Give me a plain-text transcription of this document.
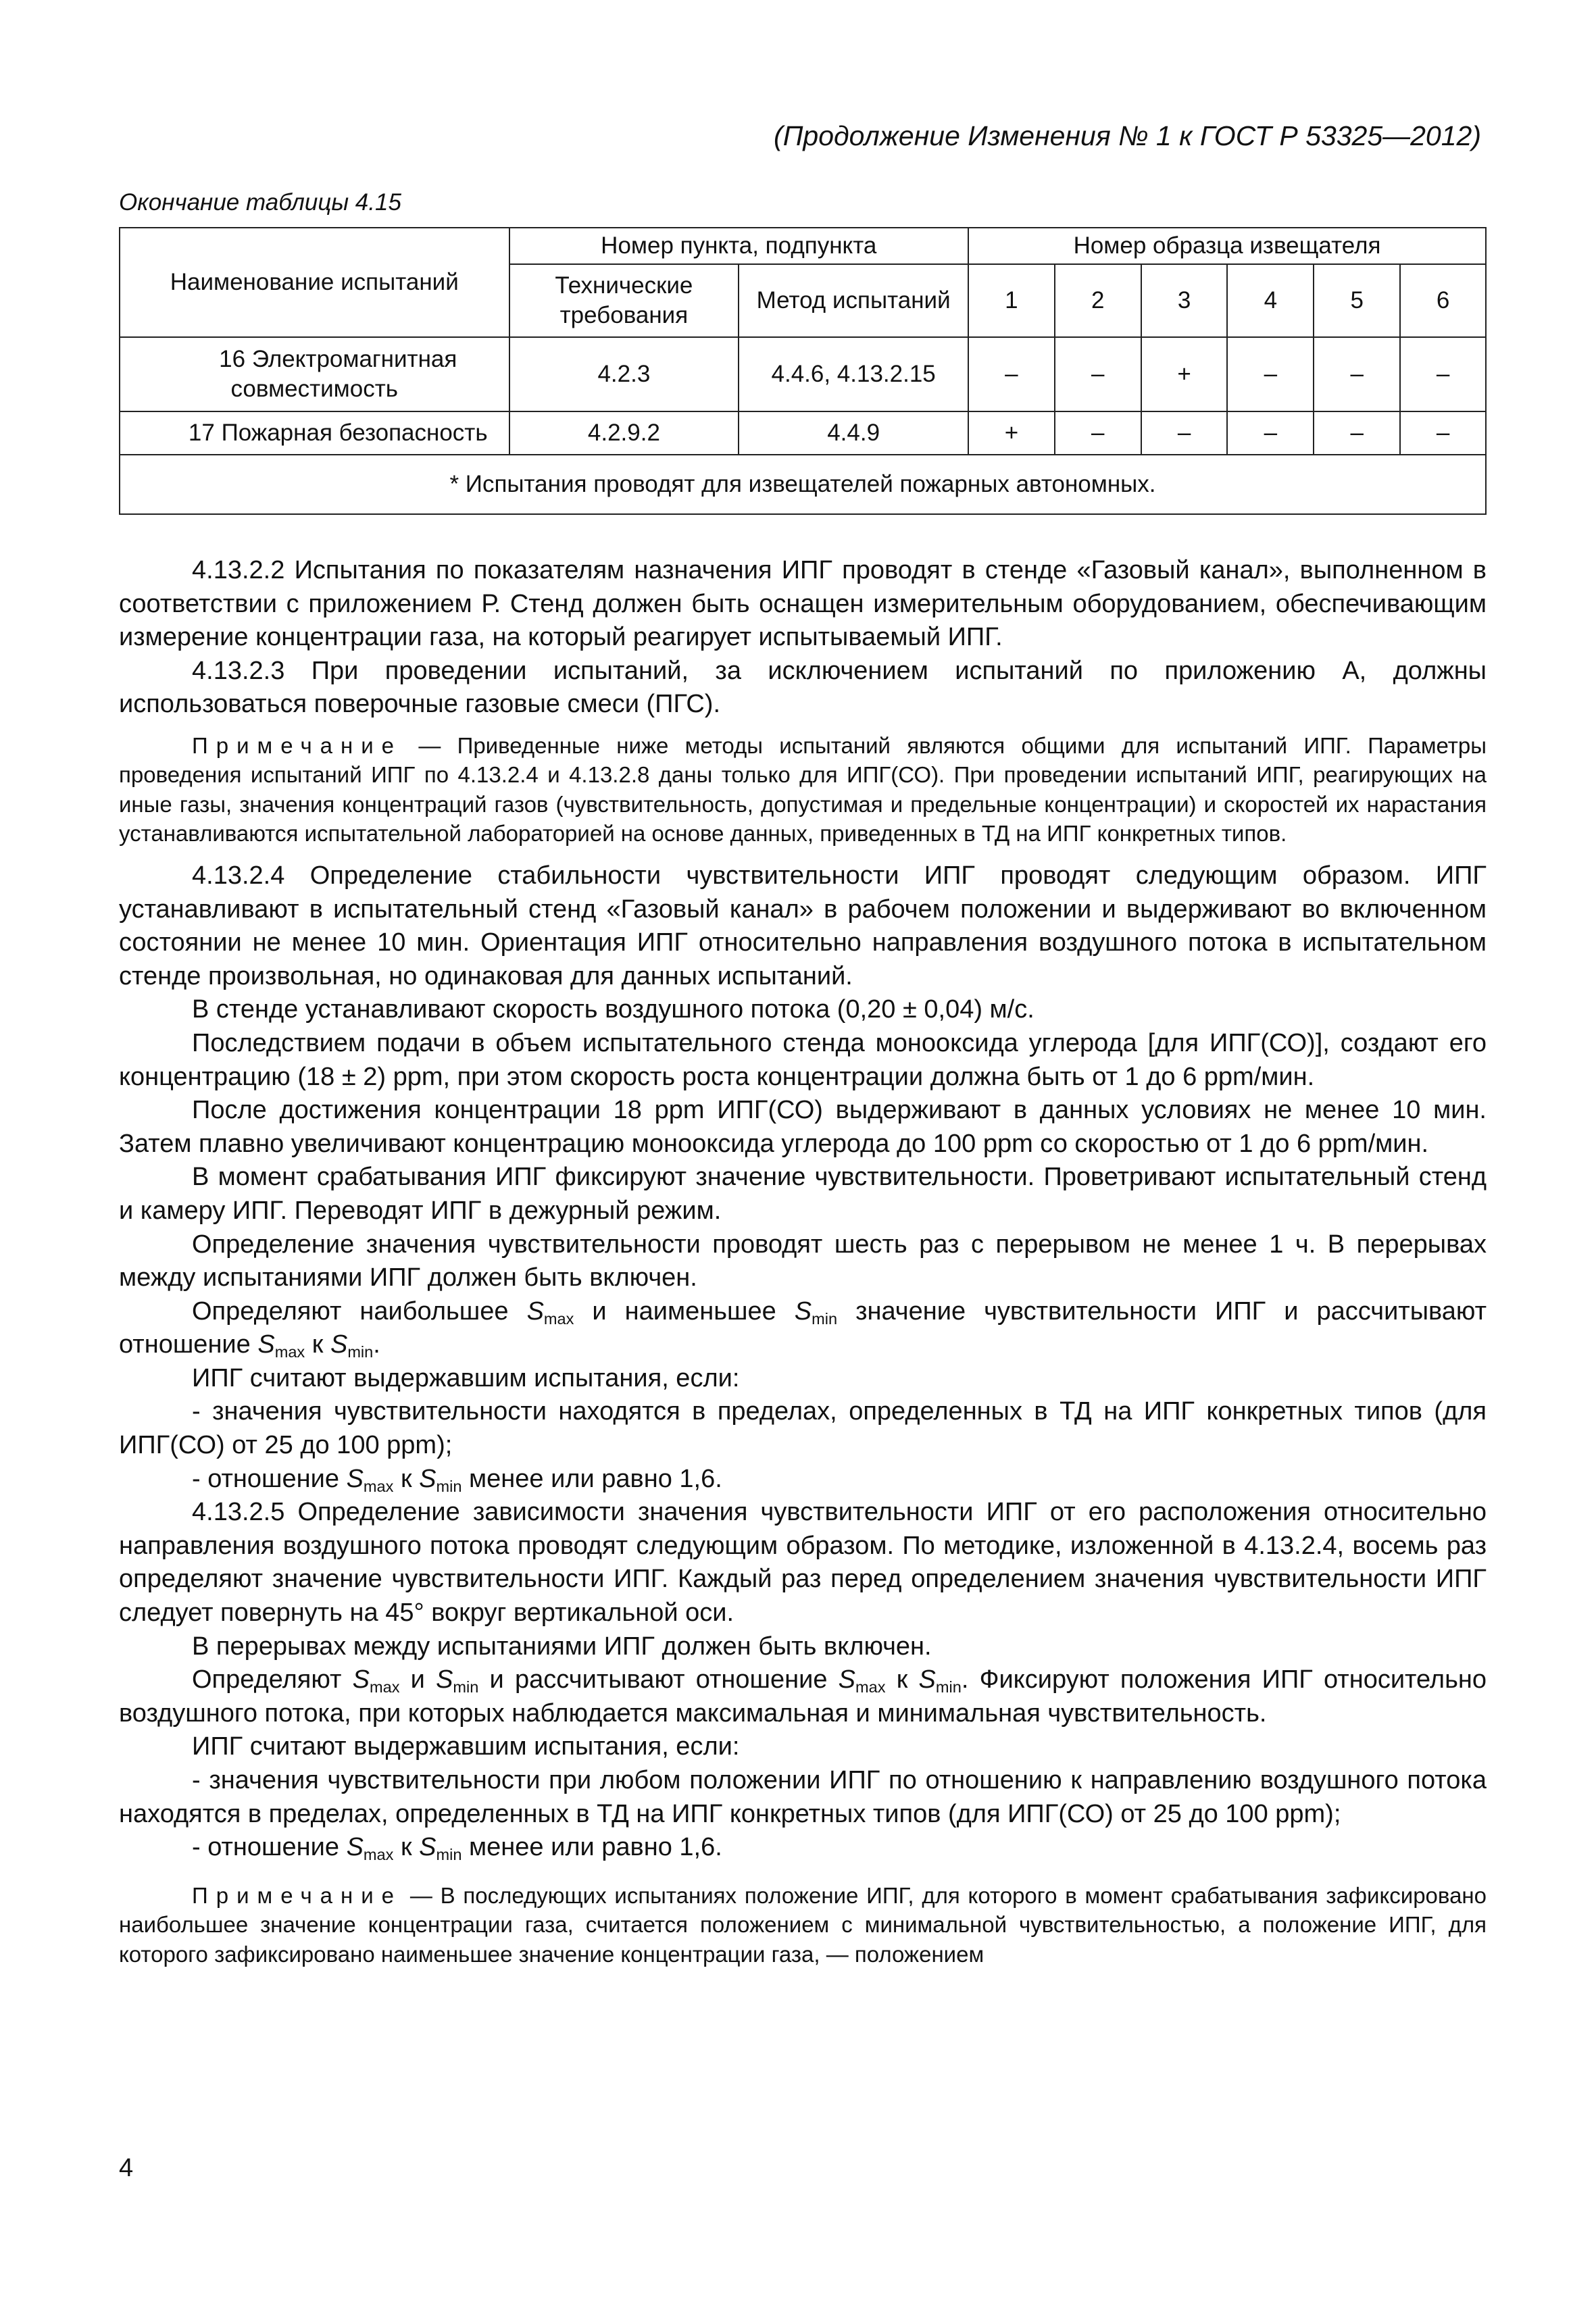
(Продолжение Изменения № 1 к ГОСТ Р 53325—2012)
Окончание таблицы 4.15
Наименование испытаний	Номер пункта, подпункта		Номер образца извещателя					
	Технические требования	Метод испытаний	1	2	3	4	5	6
16 Электромагнитная совместимость	4.2.3	4.4.6, 4.13.2.15	–	–	+	–	–	–
17 Пожарная безопасность	4.2.9.2	4.4.9	+	–	–	–	–	–
* Испытания проводят для извещателей пожарных автономных.								

4.13.2.2 Испытания по показателям назначения ИПГ проводят в стенде «Газовый канал», выполненном в соответствии с приложением Р. Стенд должен быть оснащен измерительным оборудованием, обеспечивающим измерение концентрации газа, на который реагирует испытываемый ИПГ.

4.13.2.3 При проведении испытаний, за исключением испытаний по приложению А, должны использоваться поверочные газовые смеси (ПГС).

Примечание — Приведенные ниже методы испытаний являются общими для испытаний ИПГ. Параметры проведения испытаний ИПГ по 4.13.2.4 и 4.13.2.8 даны только для ИПГ(СО). При проведении испытаний ИПГ, реагирующих на иные газы, значения концентраций газов (чувствительность, допустимая и предельные концентрации) и скоростей их нарастания устанавливаются испытательной лабораторией на основе данных, приведенных в ТД на ИПГ конкретных типов.

4.13.2.4 Определение стабильности чувствительности ИПГ проводят следующим образом. ИПГ устанавливают в испытательный стенд «Газовый канал» в рабочем положении и выдерживают во включенном состоянии не менее 10 мин. Ориентация ИПГ относительно направления воздушного потока в испытательном стенде произвольная, но одинаковая для данных испытаний.

В стенде устанавливают скорость воздушного потока (0,20 ± 0,04) м/с.

Последствием подачи в объем испытательного стенда монооксида углерода [для ИПГ(СО)], создают его концентрацию (18 ± 2) ppm, при этом скорость роста концентрации должна быть от 1 до 6 ppm/мин.

После достижения концентрации 18 ppm ИПГ(СО) выдерживают в данных условиях не менее 10 мин. Затем плавно увеличивают концентрацию монооксида углерода до 100 ppm со скоростью от 1 до 6 ppm/мин.

В момент срабатывания ИПГ фиксируют значение чувствительности. Проветривают испытательный стенд и камеру ИПГ. Переводят ИПГ в дежурный режим.

Определение значения чувствительности проводят шесть раз с перерывом не менее 1 ч. В перерывах между испытаниями ИПГ должен быть включен.

Определяют наибольшее $S_{max}$ и наименьшее $S_{min}$ значение чувствительности ИПГ и рассчитывают отношение $S_{max}$ к $S_{min}$.

ИПГ считают выдержавшим испытания, если:

- значения чувствительности находятся в пределах, определенных в ТД на ИПГ конкретных типов (для ИПГ(СО) от 25 до 100 ppm);

- отношение $S_{max}$ к $S_{min}$ менее или равно 1,6.

4.13.2.5 Определение зависимости значения чувствительности ИПГ от его расположения относительно направления воздушного потока проводят следующим образом. По методике, изложенной в 4.13.2.4, восемь раз определяют значение чувствительности ИПГ. Каждый раз перед определением значения чувствительности ИПГ следует повернуть на 45° вокруг вертикальной оси.

В перерывах между испытаниями ИПГ должен быть включен.

Определяют $S_{max}$ и $S_{min}$ и рассчитывают отношение $S_{max}$ к $S_{min}$. Фиксируют положения ИПГ относительно воздушного потока, при которых наблюдается максимальная и минимальная чувствительность.

ИПГ считают выдержавшим испытания, если:

- значения чувствительности при любом положении ИПГ по отношению к направлению воздушного потока находятся в пределах, определенных в ТД на ИПГ конкретных типов (для ИПГ(СО) от 25 до 100 ppm);

- отношение $S_{max}$ к $S_{min}$ менее или равно 1,6.

Примечание — В последующих испытаниях положение ИПГ, для которого в момент срабатывания зафиксировано наибольшее значение концентрации газа, считается положением с минимальной чувствительностью, а положение ИПГ, для которого зафиксировано наименьшее значение концентрации газа, — положением

4
